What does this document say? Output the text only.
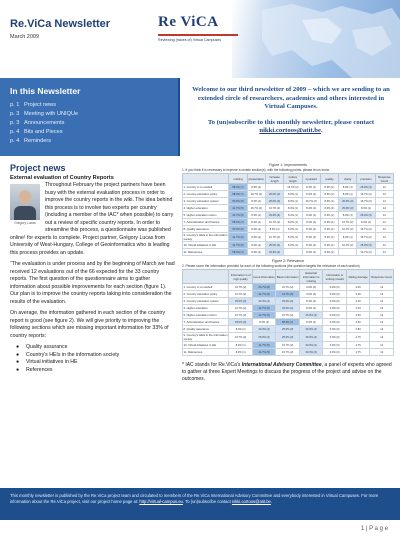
Re.ViCa Newsletter
March 2009
Re ViCA
Reviewing (traces of) Virtual Campuses
In this Newsletter
p. 1 Project news
p. 3 Meeting with UNIQUe
p. 3 Announcements
p. 4 Bits and Pieces
p. 4 Reminders

Welcome to our third newsletter of 2009 – which we are sending to an extended circle of researchers, academics and others interested in Virtual Campuses.

To (un)subscribe to this monthly newsletter, please contact nikki.cortoos@atit.be.

Project news
External evaluation of Country Reports
Grégory Lucas
Throughout February the project partners have been busy with the external evaluation process in order to improve the country reports in the wiki. The idea behind this process is to involve two experts per country (including a member of the IAC* when possible) to carry out a review of specific country reports. In order to streamline this process, a questionnaire was published online¹ for experts to complete. Project partner, Grégory Lucas from University of West-Hungary, College of Geoinformatics who is leading this process provides an update.

“The evaluation is under process and by the beginning of March we had received 12 evaluations out of the 66 expected for the 33 country reports. The first question of the questionnaire aims to gather information about possible improvements for each section (figure 1). Our plan is to improve the country reports taking into consideration the results of the evaluation.

On average, the information gathered in each section of the country report is good (see figure 2). We will give priority to improving the following sections which are missing important information for 33% of country reports:

●	Quality assurance
●	Country's HEIs in the information society
●	Virtual initiatives in HE
●	References
Figure 1: Improvements
1. If you think it is necessary to improve a certain section(s), with the following points, please let us know.
	nothing	presentation	increase length	reduce length	up-dated	quality	clarity	precision	Response Count
1. Country in a nutshell	58.3% (7)	8.3% (1)		16.7% (2)	8.3% (1)	8.3% (1)	8.3% (1)	25.0% (3)	12
2. Country education policy	58.3% (7)	16.7% (2)	25.0% (3)	8.3% (1)	8.3% (1)	8.3% (1)	8.3% (1)	16.7% (2)	12
3. Country education system	50.0% (6)	8.3% (1)	25.0% (3)	8.3% (1)	16.7% (2)	8.3% (1)	25.0% (3)	16.7% (2)	12
4. Higher education	41.7% (5)	16.7% (2)	16.7% (2)	8.3% (1)	8.3% (1)	8.3% (1)	25.0% (3)	8.3% (1)	12
5. Higher education reform	41.7% (5)	8.3% (1)	33.3% (4)	8.3% (1)	8.3% (1)	8.3% (1)	8.3% (1)	25.0% (3)	12
7. Administration and finance	58.3% (7)	8.3% (1)	16.7% (2)	8.3% (1)	8.3% (1)	8.3% (1)	16.7% (2)	8.3% (1)	12
8. Quality assurance	50.0% (6)	8.3% (1)	8.3% (1)	8.3% (1)	8.3% (1)	8.3% (1)	16.7% (2)	16.7% (2)	12
9. Country's HEIs in the information society	41.7% (5)	8.3% (1)	16.7% (2)	8.3% (1)	8.3% (1)	8.3% (1)	8.3% (1)	16.7% (2)	12
10. Virtual initiatives in HE	41.7% (5)	8.3% (1)	25.0% (3)	8.3% (1)	8.3% (1)	8.3% (1)	16.7% (2)	25.0% (3)	12
11. References	58.3% (7)	8.3% (1)	33.3% (4)		8.3% (1)	8.3% (1)		16.7% (2)	12
Figure 2: Relevance
2. Please score the information provided for each of the following sections (the question targets the relevance of each section)
	Information is of high quality	Good information	Basic information	Essential information is missing	Information is entirely invalid	Rating Average	Response Count
1. Country in a nutshell	16.7% (2)	66.7% (8)	16.7% (2)	0.0% (0)	0.0% (0)	2.00	12
2. Country education policy	16.7% (2)	41.7% (5)	41.7% (5)	0.0% (0)	0.0% (0)	2.25	12
3. Country education system	25.0% (3)	33.3% (4)	33.3% (4)	8.3% (1)	0.0% (0)	2.25	12
4. Higher education	16.7% (2)	41.7% (5)	33.3% (4)	8.3% (1)	0.0% (0)	2.33	12
5. Higher education reform	16.7% (2)	41.7% (5)	16.7% (2)	25.0% (3)	0.0% (0)	2.50	12
7. Administration and finance	25.0% (3)	8.3% (1)	58.3% (7)	8.3% (1)	0.0% (0)	2.50	12
8. Quality assurance	8.3% (1)	33.3% (4)	25.0% (3)	33.3% (4)	0.0% (0)	2.83	12
9. Country's HEIs in the information society	16.7% (2)	25.0% (3)	25.0% (3)	33.3% (4)	0.0% (0)	2.75	12
10. Virtual initiatives in HE	8.3% (1)	41.7% (5)	16.7% (2)	33.3% (4)	0.0% (0)	2.75	12
11. References	8.3% (1)	41.7% (5)	16.7% (2)	33.3% (4)	0.0% (0)	2.75	12

* IAC stands for Re.ViCa's International Advisory Committee, a panel of experts who agreed to gather at three Expert Meetings to discuss the progress of the project and advise on the outcomes.

This monthly newsletter is published by the Re.ViCa project team and circulated to members of the Re.ViCa International Advisory Committee and everybody interested in Virtual Campuses. For more information about the Re.ViCa project, visit our project home page at: http://virtual-campus.eu. To (un)subscribe contact nikki.cortoos@atit.be.

1 | P a g e
